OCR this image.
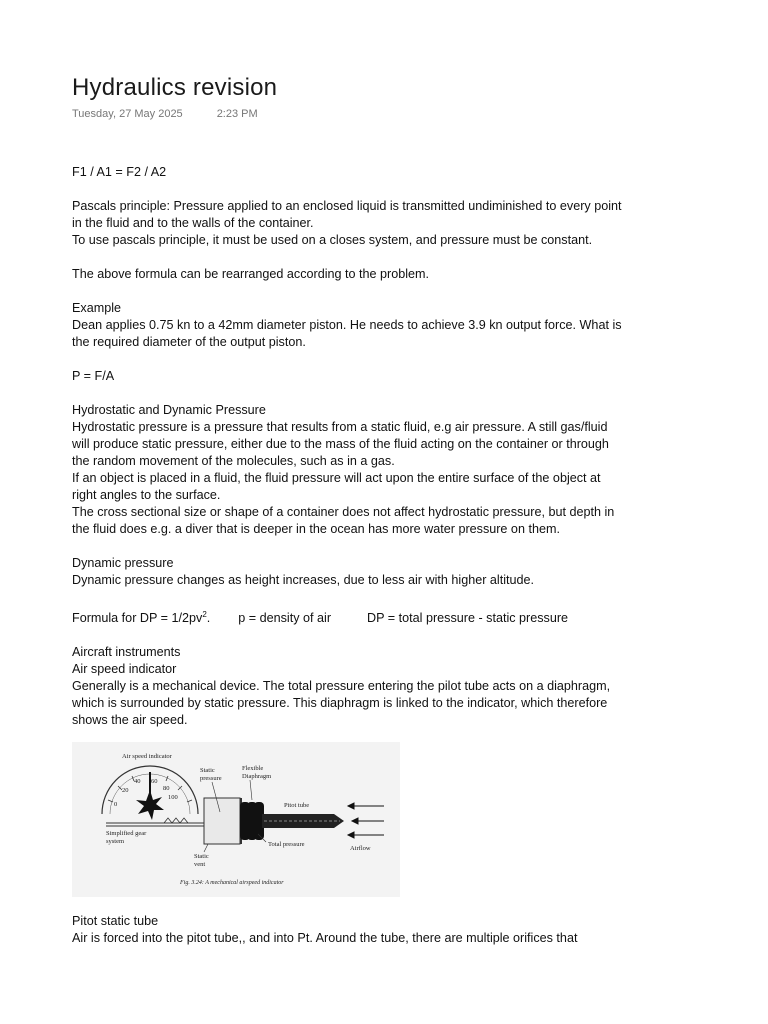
Hydraulics revision
Tuesday, 27 May 2025	2:23 PM

F1 / A1 = F2 / A2

Pascals principle: Pressure applied to an enclosed liquid is transmitted undiminished to every point
in the fluid and to the walls of the container.
To use pascals principle, it must be used on a closes system, and pressure must be constant.

The above formula can be rearranged according to the problem.

Example
Dean applies 0.75 kn to a 42mm diameter piston. He needs to achieve 3.9 kn output force. What is
the required diameter of the output piston.

P = F/A

Hydrostatic and Dynamic Pressure
Hydrostatic pressure is a pressure that results from a static fluid, e.g air pressure. A still gas/fluid
will produce static pressure, either due to the mass of the fluid acting on the container or through
the random movement of the molecules, such as in a gas.
If an object is placed in a fluid, the fluid pressure will act upon the entire surface of the object at
right angles to the surface.
The cross sectional size or shape of a container does not affect hydrostatic pressure, but depth in
the fluid does e.g. a diver that is deeper in the ocean has more water pressure on them.

Dynamic pressure
Dynamic pressure changes as height increases, due to less air with higher altitude.

Formula for DP = $1/2pv^2$. p = density of air	DP = total pressure - static pressure

Aircraft instruments
Air speed indicator
Generally is a mechanical device. The total pressure entering the pilot tube acts on a diaphragm,
which is surrounded by static pressure. This diaphragm is linked to the indicator, which therefore
shows the air speed.

Air speed indicator
0
20
40 60
80
100
Simplified gear
system
Static
pressure
Flexible
Diaphragm
Pitot tube
Airflow
Total pressure
Static
vent
Fig. 3.24: A mechanical airspeed indicator
Pitot static tube
Air is forced into the pitot tube,, and into Pt. Around the tube, there are multiple orifices that
